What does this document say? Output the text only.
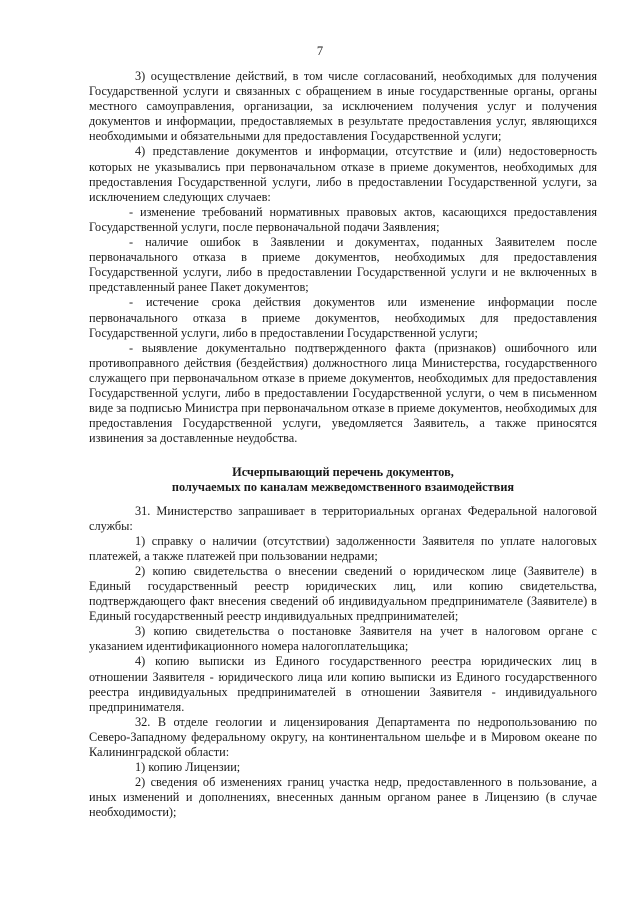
7

3) осуществление действий, в том числе согласований, необходимых для получения Государственной услуги и связанных с обращением в иные государственные органы, органы местного самоуправления, организации, за исключением получения услуг и получения документов и информации, предоставляемых в результате предоставления услуг, являющихся необходимыми и обязательными для предоставления Государственной услуги;

4) представление документов и информации, отсутствие и (или) недостоверность которых не указывались при первоначальном отказе в приеме документов, необходимых для предоставления Государственной услуги, либо в предоставлении Государственной услуги, за исключением следующих случаев:

- изменение требований нормативных правовых актов, касающихся предоставления Государственной услуги, после первоначальной подачи Заявления;

- наличие ошибок в Заявлении и документах, поданных Заявителем после первоначального отказа в приеме документов, необходимых для предоставления Государственной услуги, либо в предоставлении Государственной услуги и не включенных в представленный ранее Пакет документов;

- истечение срока действия документов или изменение информации после первоначального отказа в приеме документов, необходимых для предоставления Государственной услуги, либо в предоставлении Государственной услуги;

- выявление документально подтвержденного факта (признаков) ошибочного или противоправного действия (бездействия) должностного лица Министерства, государственного служащего при первоначальном отказе в приеме документов, необходимых для предоставления Государственной услуги, либо в предоставлении Государственной услуги, о чем в письменном виде за подписью Министра при первоначальном отказе в приеме документов, необходимых для предоставления Государственной услуги, уведомляется Заявитель, а также приносятся извинения за доставленные неудобства.

Исчерпывающий перечень документов,
получаемых по каналам межведомственного взаимодействия

31. Министерство запрашивает в территориальных органах Федеральной налоговой службы:

1) справку о наличии (отсутствии) задолженности Заявителя по уплате налоговых платежей, а также платежей при пользовании недрами;

2) копию свидетельства о внесении сведений о юридическом лице (Заявителе) в Единый государственный реестр юридических лиц, или копию свидетельства, подтверждающего факт внесения сведений об индивидуальном предпринимателе (Заявителе) в Единый государственный реестр индивидуальных предпринимателей;

3) копию свидетельства о постановке Заявителя на учет в налоговом органе с указанием идентификационного номера налогоплательщика;

4) копию выписки из Единого государственного реестра юридических лиц в отношении Заявителя - юридического лица или копию выписки из Единого государственного реестра индивидуальных предпринимателей в отношении Заявителя - индивидуального предпринимателя.

32. В отделе геологии и лицензирования Департамента по недропользованию по Северо-Западному федеральному округу, на континентальном шельфе и в Мировом океане по Калининградской области:

1) копию Лицензии;

2) сведения об изменениях границ участка недр, предоставленного в пользование, а иных изменений и дополнениях, внесенных данным органом ранее в Лицензию (в случае необходимости);
